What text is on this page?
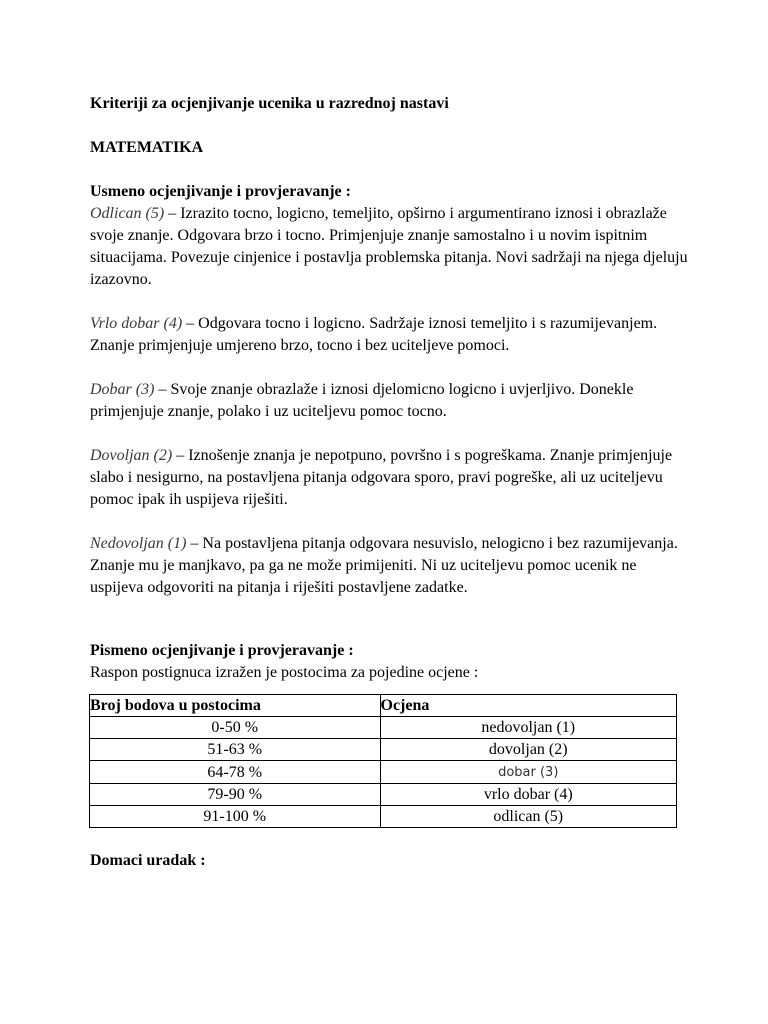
Kriteriji za ocjenjivanje ucenika u razrednoj nastavi

MATEMATIKA

Usmeno ocjenjivanje i provjeravanje :

Odlican (5) – Izrazito tocno, logicno, temeljito, opširno i argumentirano iznosi i obrazlaže svoje znanje. Odgovara brzo i tocno. Primjenjuje znanje samostalno i u novim ispitnim situacijama. Povezuje cinjenice i postavlja problemska pitanja. Novi sadržaji na njega djeluju izazovno.

Vrlo dobar (4) – Odgovara tocno i logicno. Sadržaje iznosi temeljito i s razumijevanjem. Znanje primjenjuje umjereno brzo, tocno i bez uciteljeve pomoci.

Dobar (3) – Svoje znanje obrazlaže i iznosi djelomicno logicno i uvjerljivo. Donekle primjenjuje znanje, polako i uz uciteljevu pomoc tocno.

Dovoljan (2) – Iznošenje znanja je nepotpuno, površno i s pogreškama. Znanje primjenjuje slabo i nesigurno, na postavljena pitanja odgovara sporo, pravi pogreške, ali uz uciteljevu pomoc ipak ih uspijeva riješiti.

Nedovoljan (1) – Na postavljena pitanja odgovara nesuvislo, nelogicno i bez razumijevanja. Znanje mu je manjkavo, pa ga ne može primijeniti. Ni uz uciteljevu pomoc ucenik ne uspijeva odgovoriti na pitanja i riješiti postavljene zadatke.

Pismeno ocjenjivanje i provjeravanje :

Raspon postignuca izražen je postocima za pojedine ocjene :

Broj bodova u postocima	Ocjena
0-50 %	nedovoljan (1)
51-63 %	dovoljan (2)
64-78 %	dobar (3)
79-90 %	vrlo dobar (4)
91-100 %	odlican (5)

Domaci uradak :
